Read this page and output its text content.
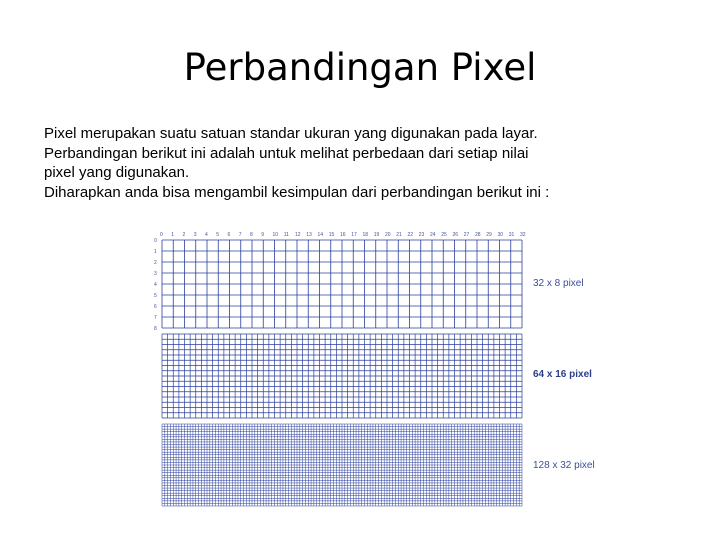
Perbandingan Pixel
Pixel merupakan suatu satuan standar ukuran yang digunakan pada layar.
Perbandingan berikut ini adalah untuk melihat perbedaan dari setiap nilai
pixel yang digunakan.
Diharapkan anda bisa mengambil kesimpulan dari perbandingan berikut ini :
0 1 2 3 4 5 6 7 8 9 10 11 12 13 14 15 16 17 18 19 20 21 22 23 24 25 26 27 28 29 30 31 32
0
1
2
3
4
5
6
7
8
32 x 8 pixel
64 x 16 pixel
128 x 32 pixel
